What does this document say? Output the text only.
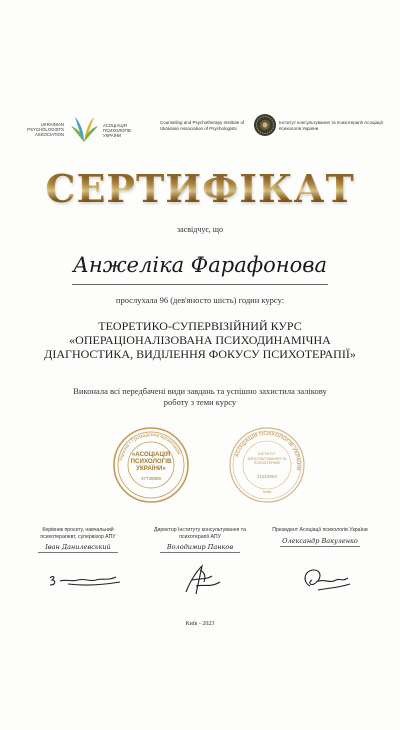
UKRAINIAN PSYCHOLOGISTS ASSOCIATION
АСОЦІАЦІЯ ПСИХОЛОГІВ УКРАЇНИ
Counseling and Psychotherapy Institute of Ukrainian Association of Psychologists
Інститут консультування та психотерапії Асоціації психологів України
СЕРТИФІКАТ
засвідчує, що
Анжеліка Фарафонова
прослухала 96 (дев'яносто шість) годин курсу:
ТЕОРЕТИКО-СУПЕРВІЗІЙНИЙ КУРС «ОПЕРАЦІОНАЛІЗОВАНА ПСИХОДИНАМІЧНА ДІАГНОСТИКА, ВИДІЛЕННЯ ФОКУСУ ПСИХОТЕРАПІЇ»
Виконала всі передбачені види завдань та успішно захистила залікову роботу з теми курсу
Україна • Громадська організація
«АСОЦІАЦІЯ ПСИХОЛОГІВ УКРАЇНИ»
37738889
АСОЦІАЦІЯ ПСИХОЛОГІВ УКРАЇНИ
ІНСТИТУТ КОНСУЛЬТУВАННЯ ТА ПСИХОТЕРАПІЇ
41516084
Київ
Керівник проєкту, навчальний психотерапевт, супервізор АПУ
Іван Данилевський
Директор Інституту консультування та психотерапії АПУ
Володимир Панков
Президент Асоціації психологів України
Олександр Вакуленко
Київ - 2023
